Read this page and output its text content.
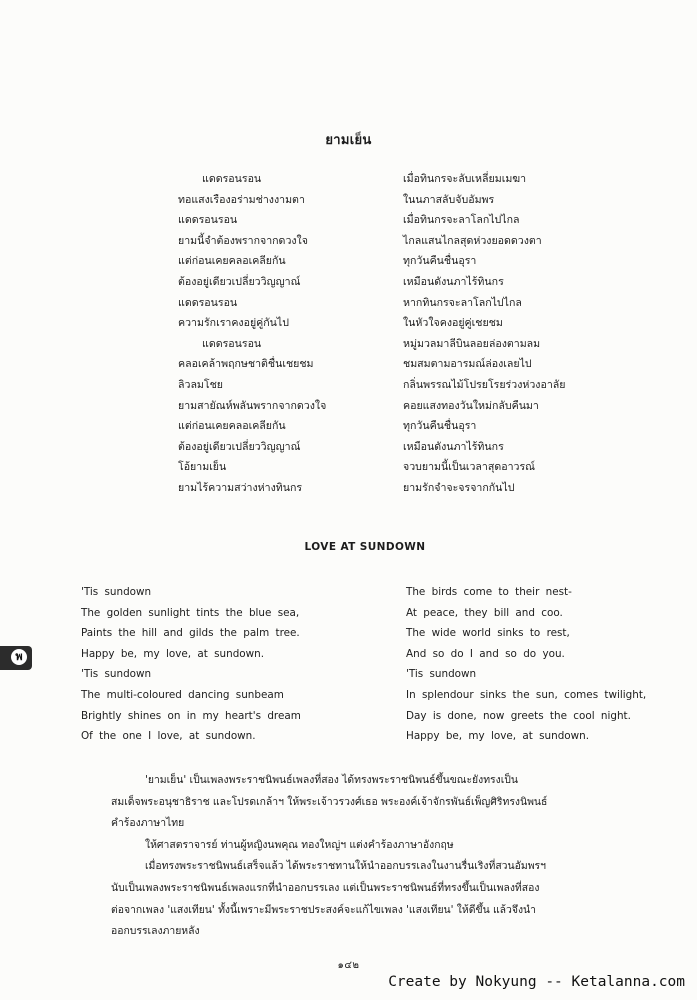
ยามเย็น
แดดรอนรอน
ทอแสงเรืองอร่ามช่างงามตา
แดดรอนรอน
ยามนี้จำต้องพรากจากดวงใจ
แต่ก่อนเคยคลอเคลียกัน
ต้องอยู่เดียวเปลี่ยววิญญาณ์
แดดรอนรอน
ความรักเราคงอยู่คู่กันไป
แดดรอนรอน
คลอเคล้าพฤกษชาติชื่นเชยชม
ลิวลมโชย
ยามสายัณห์พลันพรากจากดวงใจ
แต่ก่อนเคยคลอเคลียกัน
ต้องอยู่เดียวเปลี่ยววิญญาณ์
โอ้ยามเย็น
ยามไร้ความสว่างห่างทินกร
เมื่อทินกรจะลับเหลี่ยมเมฆา
ในนภาสลับจับอัมพร
เมื่อทินกรจะลาโลกไปไกล
ไกลแสนไกลสุดห่วงยอดดวงตา
ทุกวันคืนชื่นอุรา
เหมือนดังนภาไร้ทินกร
หากทินกรจะลาโลกไปไกล
ในหัวใจคงอยู่คู่เชยชม
หมู่มวลมาลีบินลอยล่องตามลม
ชมสมตามอารมณ์ล่องเลยไป
กลิ่นพรรณไม้โปรยโรยร่วงห่วงอาลัย
คอยแสงทองวันใหม่กลับคืนมา
ทุกวันคืนชื่นอุรา
เหมือนดังนภาไร้ทินกร
จวบยามนี้เป็นเวลาสุดอาวรณ์
ยามรักจำจะจรจากกันไป
LOVE AT SUNDOWN
'Tis sundown
The golden sunlight tints the blue sea,
Paints the hill and gilds the palm tree.
Happy be, my love, at sundown.
'Tis sundown
The multi-coloured dancing sunbeam
Brightly shines on in my heart's dream
Of the one I love, at sundown.
The birds come to their nest-
At peace, they bill and coo.
The wide world sinks to rest,
And so do I and so do you.
'Tis sundown
In splendour sinks the sun, comes twilight,
Day is done, now greets the cool night.
Happy be, my love, at sundown.
พ
'ยามเย็น' เป็นเพลงพระราชนิพนธ์เพลงที่สอง ได้ทรงพระราชนิพนธ์ขึ้นขณะยังทรงเป็น
สมเด็จพระอนุชาธิราช และโปรดเกล้าฯ ให้พระเจ้าวรวงศ์เธอ พระองค์เจ้าจักรพันธ์เพ็ญศิริทรงนิพนธ์
คำร้องภาษาไทย
ให้ศาสตราจารย์ ท่านผู้หญิงนพคุณ ทองใหญ่ฯ แต่งคำร้องภาษาอังกฤษ
เมื่อทรงพระราชนิพนธ์เสร็จแล้ว ได้พระราชทานให้นำออกบรรเลงในงานรื่นเริงที่สวนอัมพรฯ
นับเป็นเพลงพระราชนิพนธ์เพลงแรกที่นำออกบรรเลง แต่เป็นพระราชนิพนธ์ที่ทรงขึ้นเป็นเพลงที่สอง
ต่อจากเพลง 'แสงเทียน' ทั้งนี้เพราะมีพระราชประสงค์จะแก้ไขเพลง 'แสงเทียน' ให้ดีขึ้น แล้วจึงนำ
ออกบรรเลงภายหลัง
๑๔๒
Create by Nokyung -- Ketalanna.com
